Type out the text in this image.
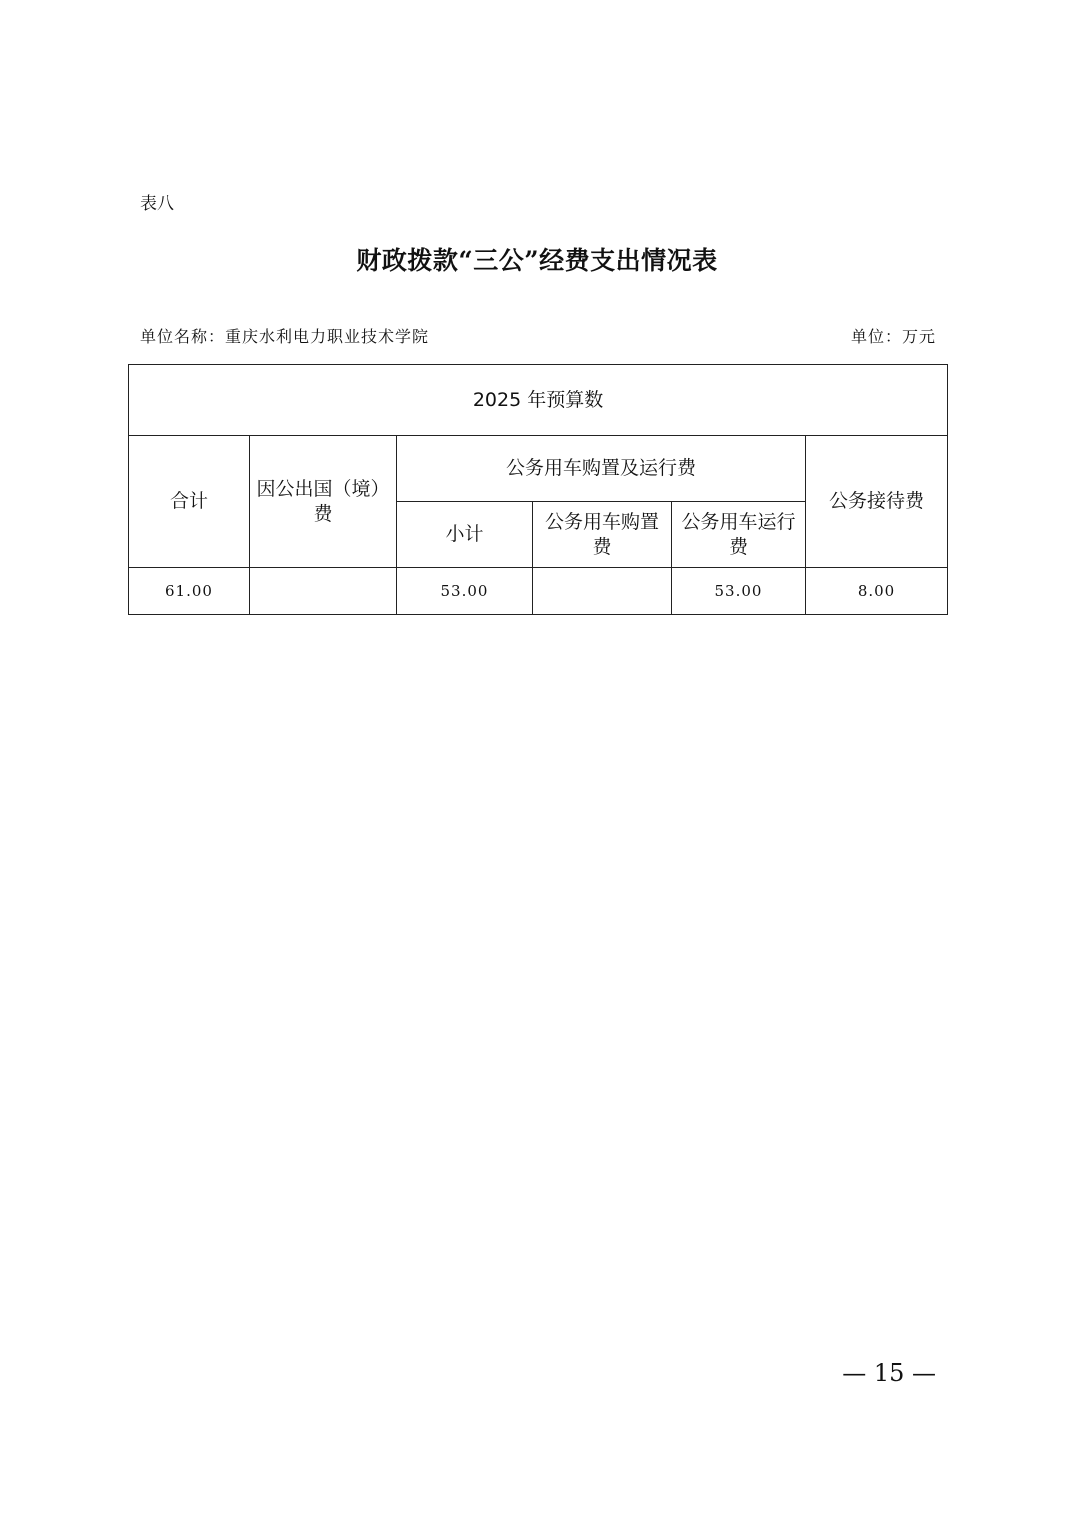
表八
财政拨款“三公”经费支出情况表
单位名称：重庆水利电力职业技术学院	单位：万元
2025 年预算数					
合计	因公出国（境）费	公务用车购置及运行费			公务接待费
		小计	公务用车购置费	公务用车运行费	
61.00		53.00		53.00	8.00
— 15 —
